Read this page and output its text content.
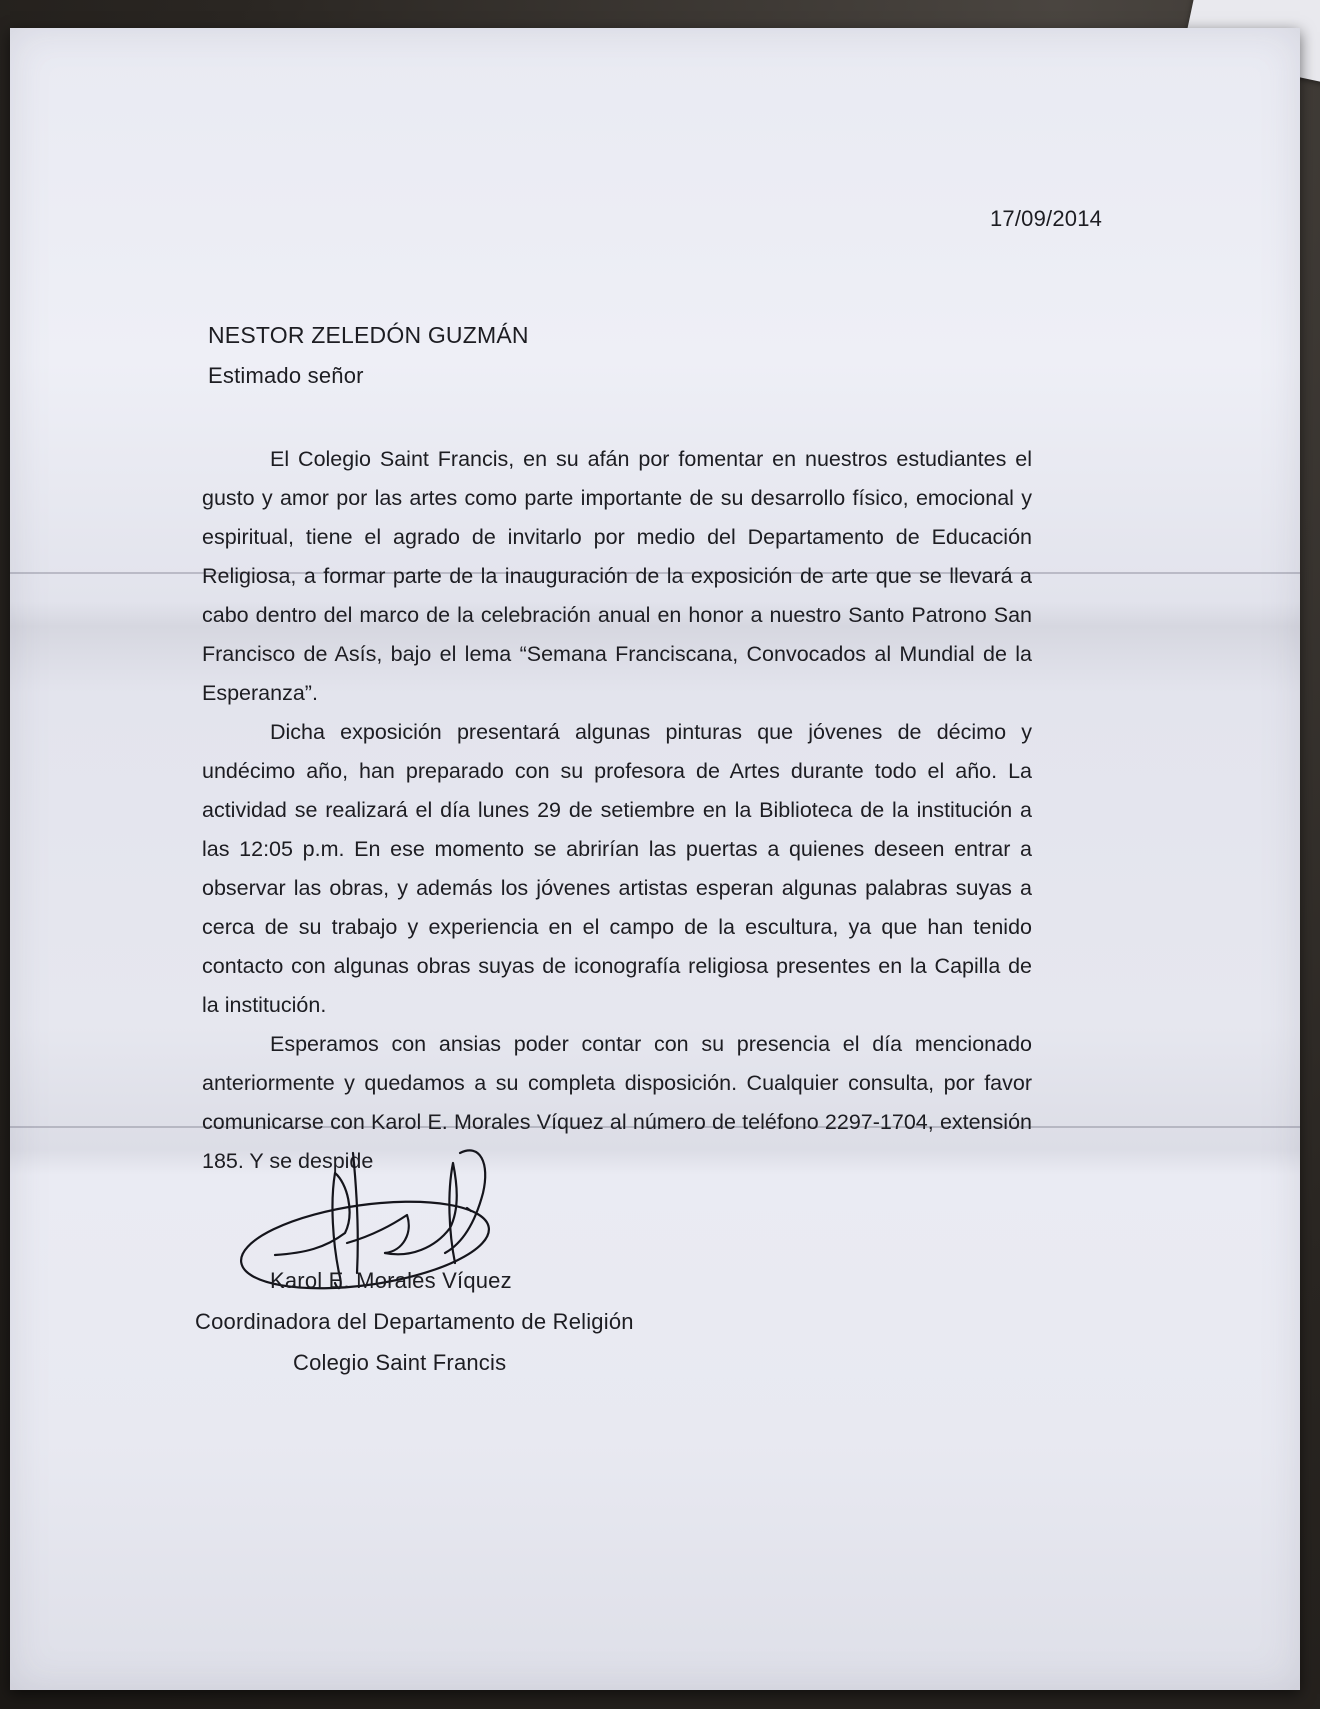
17/09/2014
NESTOR ZELEDÓN GUZMÁN
Estimado señor

El Colegio Saint Francis, en su afán por fomentar en nuestros estudiantes el gusto y amor por las artes como parte importante de su desarrollo físico, emocional y espiritual, tiene el agrado de invitarlo por medio del Departamento de Educación Religiosa, a formar parte de la inauguración de la exposición de arte que se llevará a cabo dentro del marco de la celebración anual en honor a nuestro Santo Patrono San Francisco de Asís, bajo el lema “Semana Franciscana, Convocados al Mundial de la Esperanza”.

Dicha exposición presentará algunas pinturas que jóvenes de décimo y undécimo año, han preparado con su profesora de Artes durante todo el año. La actividad se realizará el día lunes 29 de setiembre en la Biblioteca de la institución a las 12:05 p.m. En ese momento se abrirían las puertas a quienes deseen entrar a observar las obras, y además los jóvenes artistas esperan algunas palabras suyas a cerca de su trabajo y experiencia en el campo de la escultura, ya que han tenido contacto con algunas obras suyas de iconografía religiosa presentes en la Capilla de la institución.

Esperamos con ansias poder contar con su presencia el día mencionado anteriormente y quedamos a su completa disposición. Cualquier consulta, por favor comunicarse con Karol E. Morales Víquez al número de teléfono 2297-1704, extensión 185. Y se despide

Karol E. Morales Víquez
Coordinadora del Departamento de Religión
Colegio Saint Francis
